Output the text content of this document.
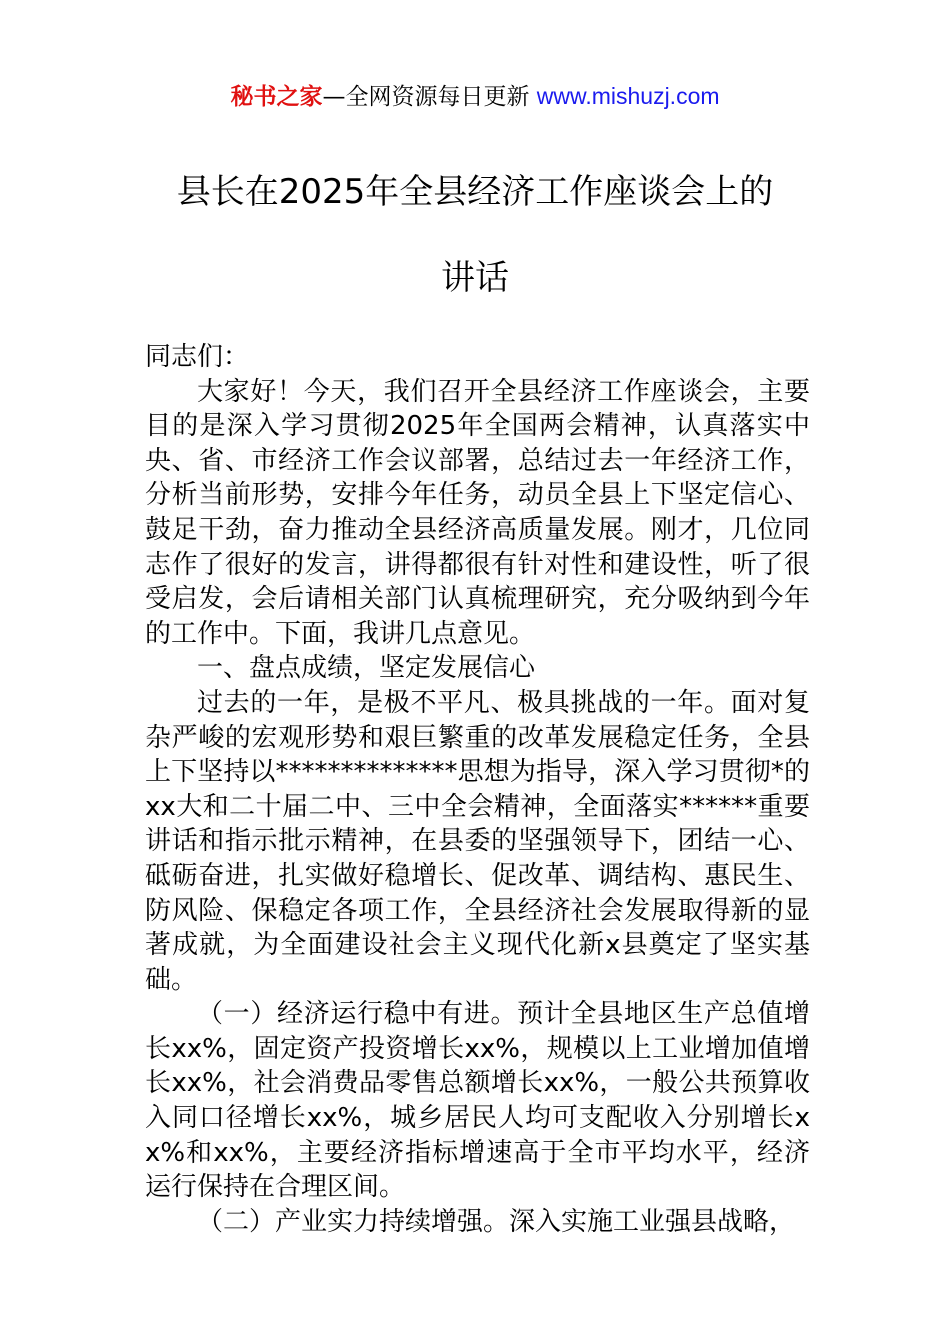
秘书之家—全网资源每日更新 www.mishuzj.com
县长在2025年全县经济工作座谈会上的
讲话

同志们：

大家好！今天，我们召开全县经济工作座谈会，主要目的是深入学习贯彻2025年全国两会精神，认真落实中央、省、市经济工作会议部署，总结过去一年经济工作，分析当前形势，安排今年任务，动员全县上下坚定信心、鼓足干劲，奋力推动全县经济高质量发展。刚才，几位同志作了很好的发言，讲得都很有针对性和建设性，听了很受启发，会后请相关部门认真梳理研究，充分吸纳到今年的工作中。下面，我讲几点意见。

一、盘点成绩，坚定发展信心

过去的一年，是极不平凡、极具挑战的一年。面对复杂严峻的宏观形势和艰巨繁重的改革发展稳定任务，全县上下坚持以**************思想为指导，深入学习贯彻*的xx大和二十届二中、三中全会精神，全面落实******重要讲话和指示批示精神，在县委的坚强领导下，团结一心、砥砺奋进，扎实做好稳增长、促改革、调结构、惠民生、防风险、保稳定各项工作，全县经济社会发展取得新的显著成就，为全面建设社会主义现代化新x县奠定了坚实基础。

（一）经济运行稳中有进。预计全县地区生产总值增长xx%，固定资产投资增长xx%，规模以上工业增加值增长xx%，社会消费品零售总额增长xx%，一般公共预算收入同口径增长xx%，城乡居民人均可支配收入分别增长xx%和xx%，主要经济指标增速高于全市平均水平，经济运行保持在合理区间。

（二）产业实力持续增强。深入实施工业强县战略，
